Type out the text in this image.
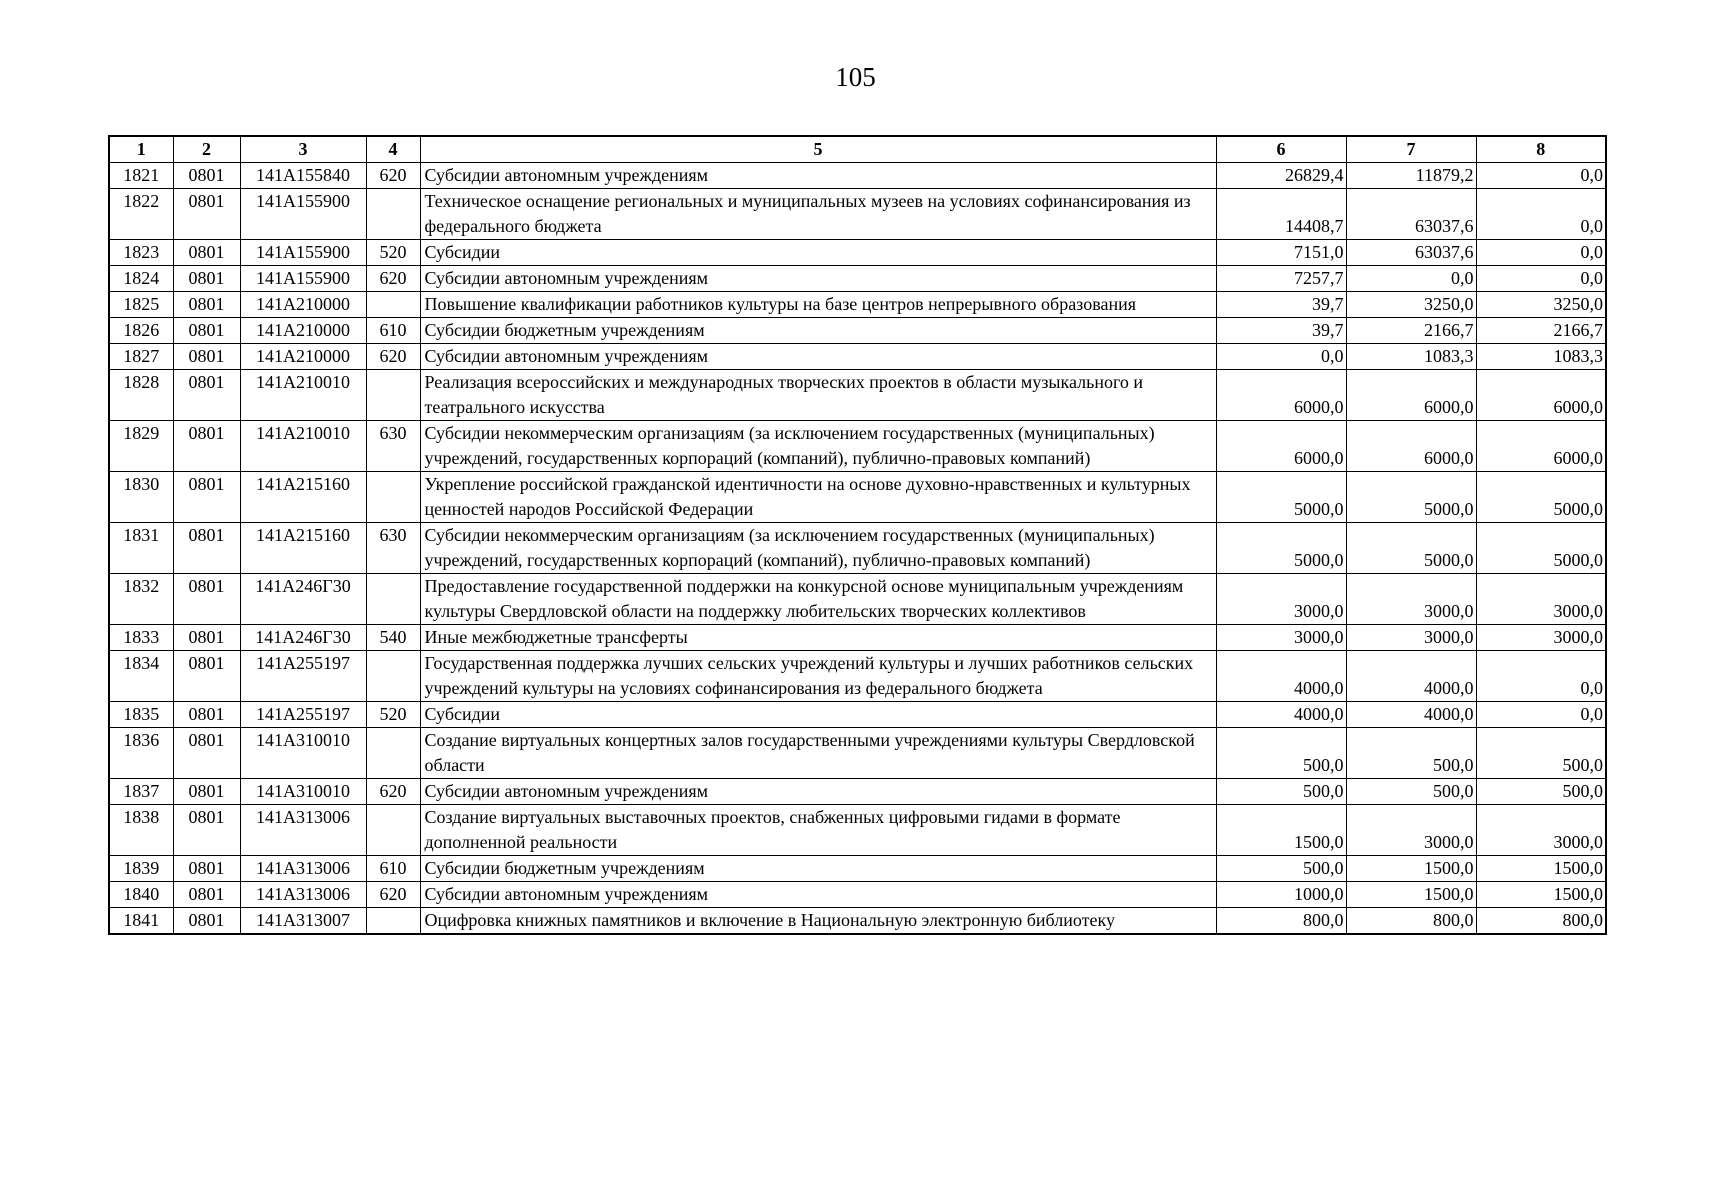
105
1	2	3	4	5	6	7	8
1821	0801	141A155840	620	Субсидии автономным учреждениям	26829,4	11879,2	0,0
1822	0801	141A155900		Техническое оснащение региональных и муниципальных музеев на условиях софинансирования из федерального бюджета	14408,7	63037,6	0,0
1823	0801	141A155900	520	Субсидии	7151,0	63037,6	0,0
1824	0801	141A155900	620	Субсидии автономным учреждениям	7257,7	0,0	0,0
1825	0801	141A210000		Повышение квалификации работников культуры на базе центров непрерывного образования	39,7	3250,0	3250,0
1826	0801	141A210000	610	Субсидии бюджетным учреждениям	39,7	2166,7	2166,7
1827	0801	141A210000	620	Субсидии автономным учреждениям	0,0	1083,3	1083,3
1828	0801	141A210010		Реализация всероссийских и международных творческих проектов в области музыкального и театрального искусства	6000,0	6000,0	6000,0
1829	0801	141A210010	630	Субсидии некоммерческим организациям (за исключением государственных (муниципальных) учреждений, государственных корпораций (компаний), публично-правовых компаний)	6000,0	6000,0	6000,0
1830	0801	141A215160		Укрепление российской гражданской идентичности на основе духовно-нравственных и культурных ценностей народов Российской Федерации	5000,0	5000,0	5000,0
1831	0801	141A215160	630	Субсидии некоммерческим организациям (за исключением государственных (муниципальных) учреждений, государственных корпораций (компаний), публично-правовых компаний)	5000,0	5000,0	5000,0
1832	0801	141A246Г30		Предоставление государственной поддержки на конкурсной основе муниципальным учреждениям культуры Свердловской области на поддержку любительских творческих коллективов	3000,0	3000,0	3000,0
1833	0801	141A246Г30	540	Иные межбюджетные трансферты	3000,0	3000,0	3000,0
1834	0801	141A255197		Государственная поддержка лучших сельских учреждений культуры и лучших работников сельских учреждений культуры на условиях софинансирования из федерального бюджета	4000,0	4000,0	0,0
1835	0801	141A255197	520	Субсидии	4000,0	4000,0	0,0
1836	0801	141A310010		Создание виртуальных концертных залов государственными учреждениями культуры Свердловской области	500,0	500,0	500,0
1837	0801	141A310010	620	Субсидии автономным учреждениям	500,0	500,0	500,0
1838	0801	141A313006		Создание виртуальных выставочных проектов, снабженных цифровыми гидами в формате дополненной реальности	1500,0	3000,0	3000,0
1839	0801	141A313006	610	Субсидии бюджетным учреждениям	500,0	1500,0	1500,0
1840	0801	141A313006	620	Субсидии автономным учреждениям	1000,0	1500,0	1500,0
1841	0801	141A313007		Оцифровка книжных памятников и включение в Национальную электронную библиотеку	800,0	800,0	800,0
